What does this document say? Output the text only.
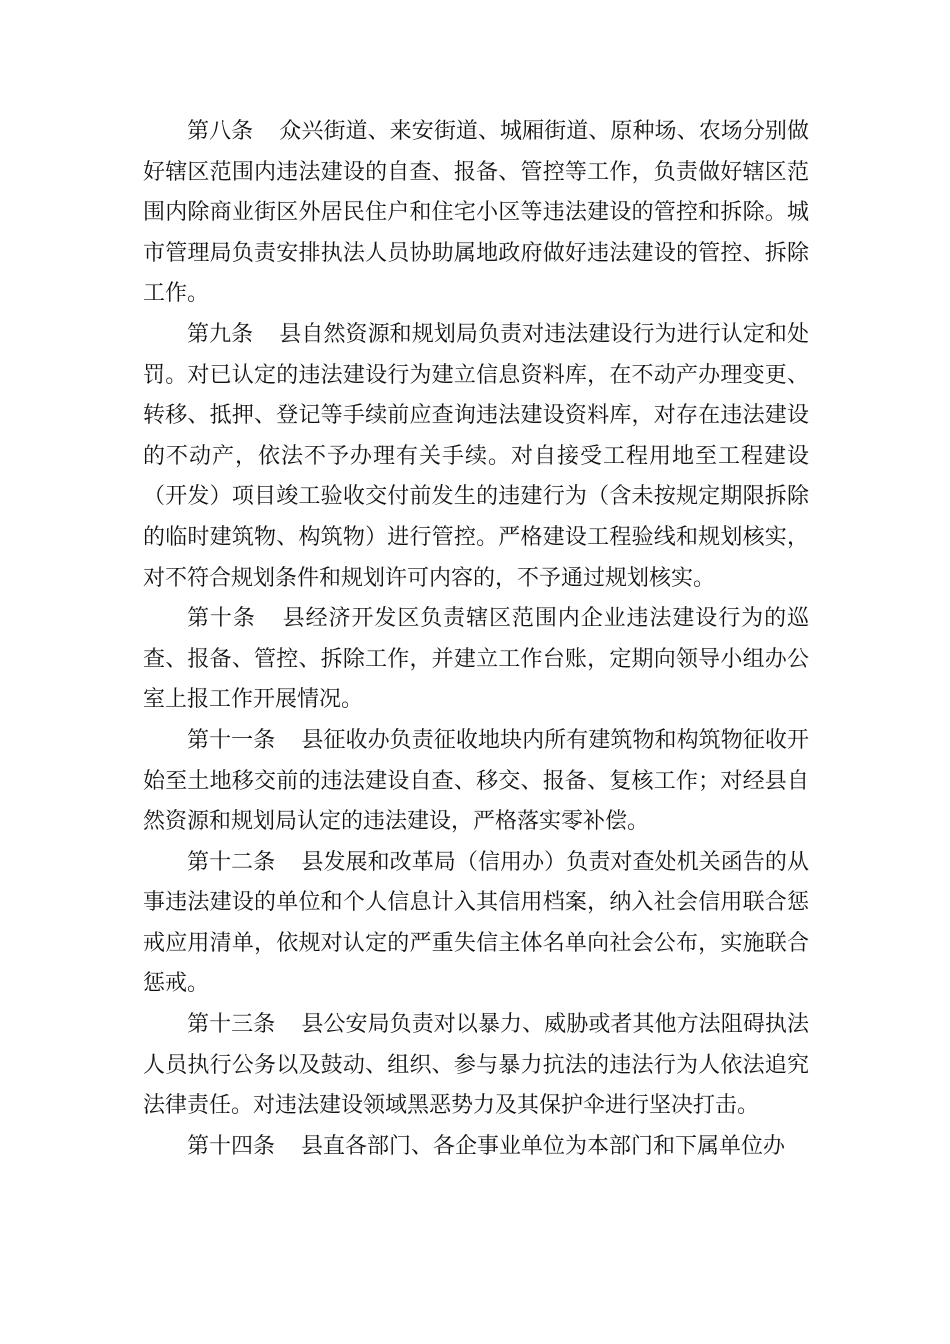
第八条 众兴街道、来安街道、城厢街道、原种场、农场分别做好辖区范围内违法建设的自查、报备、管控等工作，负责做好辖区范围内除商业街区外居民住户和住宅小区等违法建设的管控和拆除。城市管理局负责安排执法人员协助属地政府做好违法建设的管控、拆除工作。

第九条 县自然资源和规划局负责对违法建设行为进行认定和处罚。对已认定的违法建设行为建立信息资料库，在不动产办理变更、转移、抵押、登记等手续前应查询违法建设资料库，对存在违法建设的不动产，依法不予办理有关手续。对自接受工程用地至工程建设（开发）项目竣工验收交付前发生的违建行为（含未按规定期限拆除的临时建筑物、构筑物）进行管控。严格建设工程验线和规划核实，对不符合规划条件和规划许可内容的，不予通过规划核实。

第十条 县经济开发区负责辖区范围内企业违法建设行为的巡查、报备、管控、拆除工作，并建立工作台账，定期向领导小组办公室上报工作开展情况。

第十一条 县征收办负责征收地块内所有建筑物和构筑物征收开始至土地移交前的违法建设自查、移交、报备、复核工作；对经县自然资源和规划局认定的违法建设，严格落实零补偿。

第十二条 县发展和改革局（信用办）负责对查处机关函告的从事违法建设的单位和个人信息计入其信用档案，纳入社会信用联合惩戒应用清单，依规对认定的严重失信主体名单向社会公布，实施联合惩戒。

第十三条 县公安局负责对以暴力、威胁或者其他方法阻碍执法人员执行公务以及鼓动、组织、参与暴力抗法的违法行为人依法追究法律责任。对违法建设领域黑恶势力及其保护伞进行坚决打击。

第十四条 县直各部门、各企事业单位为本部门和下属单位办
